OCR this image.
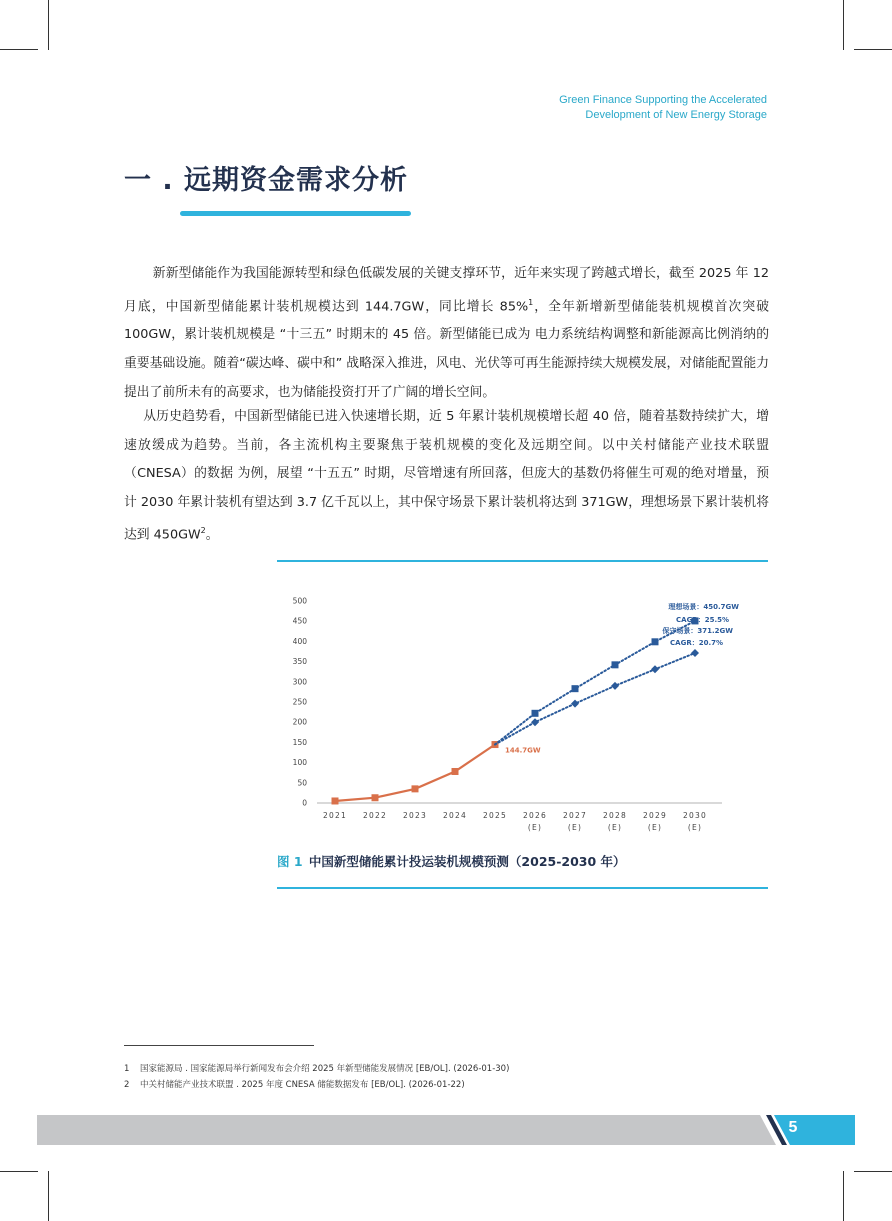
Green Finance Supporting the Accelerated
Development of New Energy Storage
一 . 远期资金需求分析

新新型储能作为我国能源转型和绿色低碳发展的关键支撑环节，近年来实现了跨越式增长，截至 2025 年 12 月底，中国新型储能累计装机规模达到 144.7GW，同比增长 85%$^1$，全年新增新型储能装机规模首次突破 100GW，累计装机规模是 “十三五” 时期末的 45 倍。新型储能已成为 电力系统结构调整和新能源高比例消纳的重要基础设施。随着“碳达峰、碳中和” 战略深入推进，风电、光伏等可再生能源持续大规模发展，对储能配置能力提出了前所未有的高要求，也为储能投资打开了广阔的增长空间。

从历史趋势看，中国新型储能已进入快速增长期，近 5 年累计装机规模增长超 40 倍，随着基数持续扩大，增速放缓成为趋势。当前，各主流机构主要聚焦于装机规模的变化及远期空间。以中关村储能产业技术联盟（CNESA）的数据 为例，展望 “十五五” 时期，尽管增速有所回落，但庞大的基数仍将催生可观的绝对增量，预计 2030 年累计装机有望达到 3.7 亿千瓦以上，其中保守场景下累计装机将达到 371GW，理想场景下累计装机将达到 $450GW^2$。

0
50
100
150
200
250
300
350
400
450
500
2021 2022 2023 2024 2025 2026
(E)
2027
(E)
2028
(E)
2029
(E)
2030
(E)
144.7GW
理想场景：450.7GW
CAGR：25.5%
保守场景：371.2GW
CAGR：20.7%
图 1 中国新型储能累计投运装机规模预测（2025-2030 年）
1 国家能源局 . 国家能源局举行新闻发布会介绍 2025 年新型储能发展情况 [EB/OL]. (2026-01-30)
2 中关村储能产业技术联盟 . 2025 年度 CNESA 储能数据发布 [EB/OL]. (2026-01-22)
5
